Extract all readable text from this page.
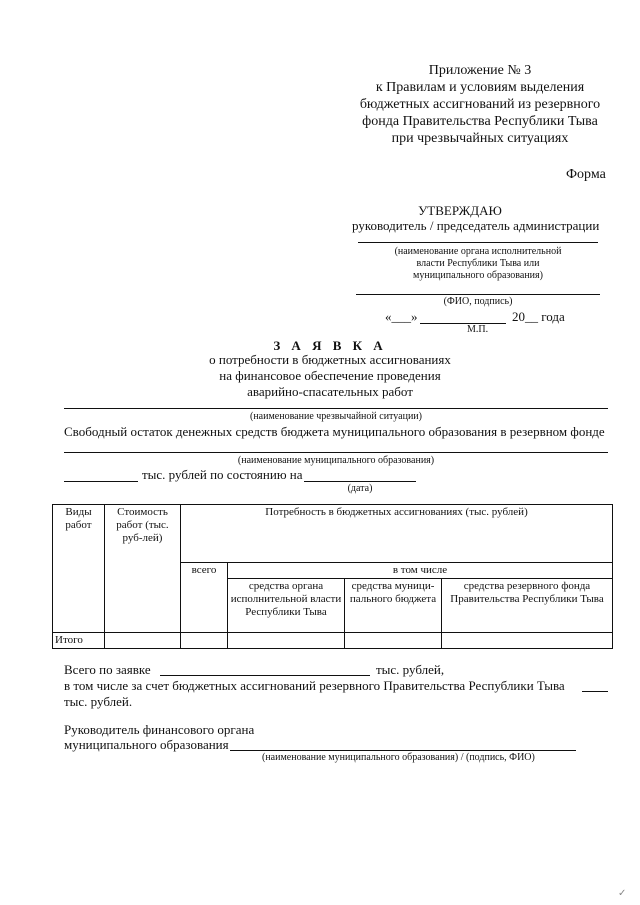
Приложение № 3
к Правилам и условиям выделения
бюджетных ассигнований из резервного
фонда Правительства Республики Тыва
при чрезвычайных ситуациях
Форма
УТВЕРЖДАЮ
руководитель / председатель администрации
(наименование органа исполнительной
власти Республики Тыва или
муниципального образования)
(ФИО, подпись)
«___»	20__ года
М.П.
З А Я В К А
о потребности в бюджетных ассигнованиях
на финансовое обеспечение проведения
аварийно-спасательных работ
(наименование чрезвычайной ситуации)
Свободный остаток денежных средств бюджета муниципального образования в резервном фонде
(наименование муниципального образования)
тыс. рублей по состоянию на
(дата)
Виды работ	Стоимость работ (тыс. руб-лей)	Потребность в бюджетных ассигнованиях (тыс. рублей)			
		всего	в том числе		
			средства органа исполнительной власти Республики Тыва	средства муници-пального бюджета	средства резервного фонда Правительства Республики Тыва
Итого					
Всего по заявке	тыс. рублей,
в том числе за счет бюджетных ассигнований резервного Правительства Республики Тыва
тыс. рублей.
Руководитель финансового органа
муниципального образования
(наименование муниципального образования) / (подпись, ФИО)
✓
